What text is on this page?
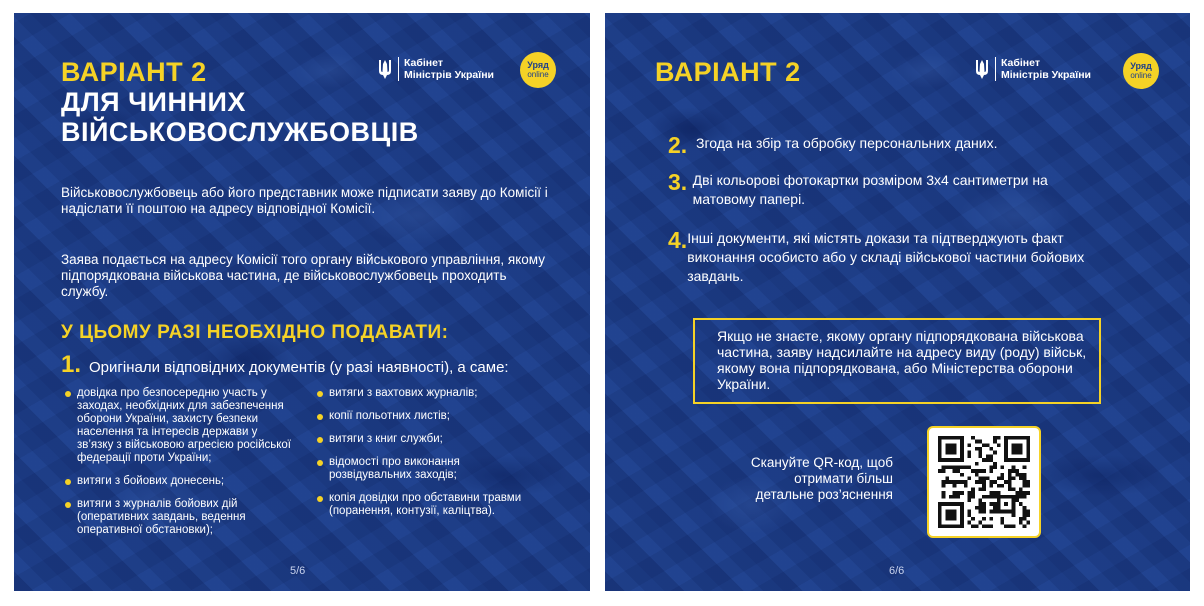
Кабінет
Міністрів України
Уряд
online
ВАРІАНТ 2
ДЛЯ ЧИННИХ
ВІЙСЬКОВОСЛУЖБОВЦІВ
Військовослужбовець або його представник може підписати заяву до Комісії і надіслати її поштою на адресу відповідної Комісії.
Заява подається на адресу Комісії того органу військового управління, якому підпорядкована військова частина, де військовослужбовець проходить службу.
У ЦЬОМУ РАЗІ НЕОБХІДНО ПОДАВАТИ:
1. Оригінали відповідних документів (у разі наявності), а саме:
довідка про безпосередню участь у заходах, необхідних для забезпечення оборони України, захисту безпеки населення та інтересів держави у зв’язку з військовою агресією російської федерації проти України;
витяги з бойових донесень;
витяги з журналів бойових дій (оперативних завдань, ведення оперативної обстановки);
витяги з вахтових журналів;
копії польотних листів;
витяги з книг служби;
відомості про виконання розвідувальних заходів;
копія довідки про обставини травми (поранення, контузії, каліцтва).
5/6
Кабінет
Міністрів України
Уряд
online
ВАРІАНТ 2
2. Згода на збір та обробку персональних даних.
3. Дві кольорові фотокартки розміром 3х4 сантиметри на матовому папері.
4. Інші документи, які містять докази та підтверджують факт виконання особисто або у складі військової частини бойових завдань.
Якщо не знаєте, якому органу підпорядкована військова частина, заяву надсилайте на адресу виду (роду) військ, якому вона підпорядкована, або Міністерства оборони України.
Скануйте QR-код, щоб отримати більш детальне роз’яснення
6/6
